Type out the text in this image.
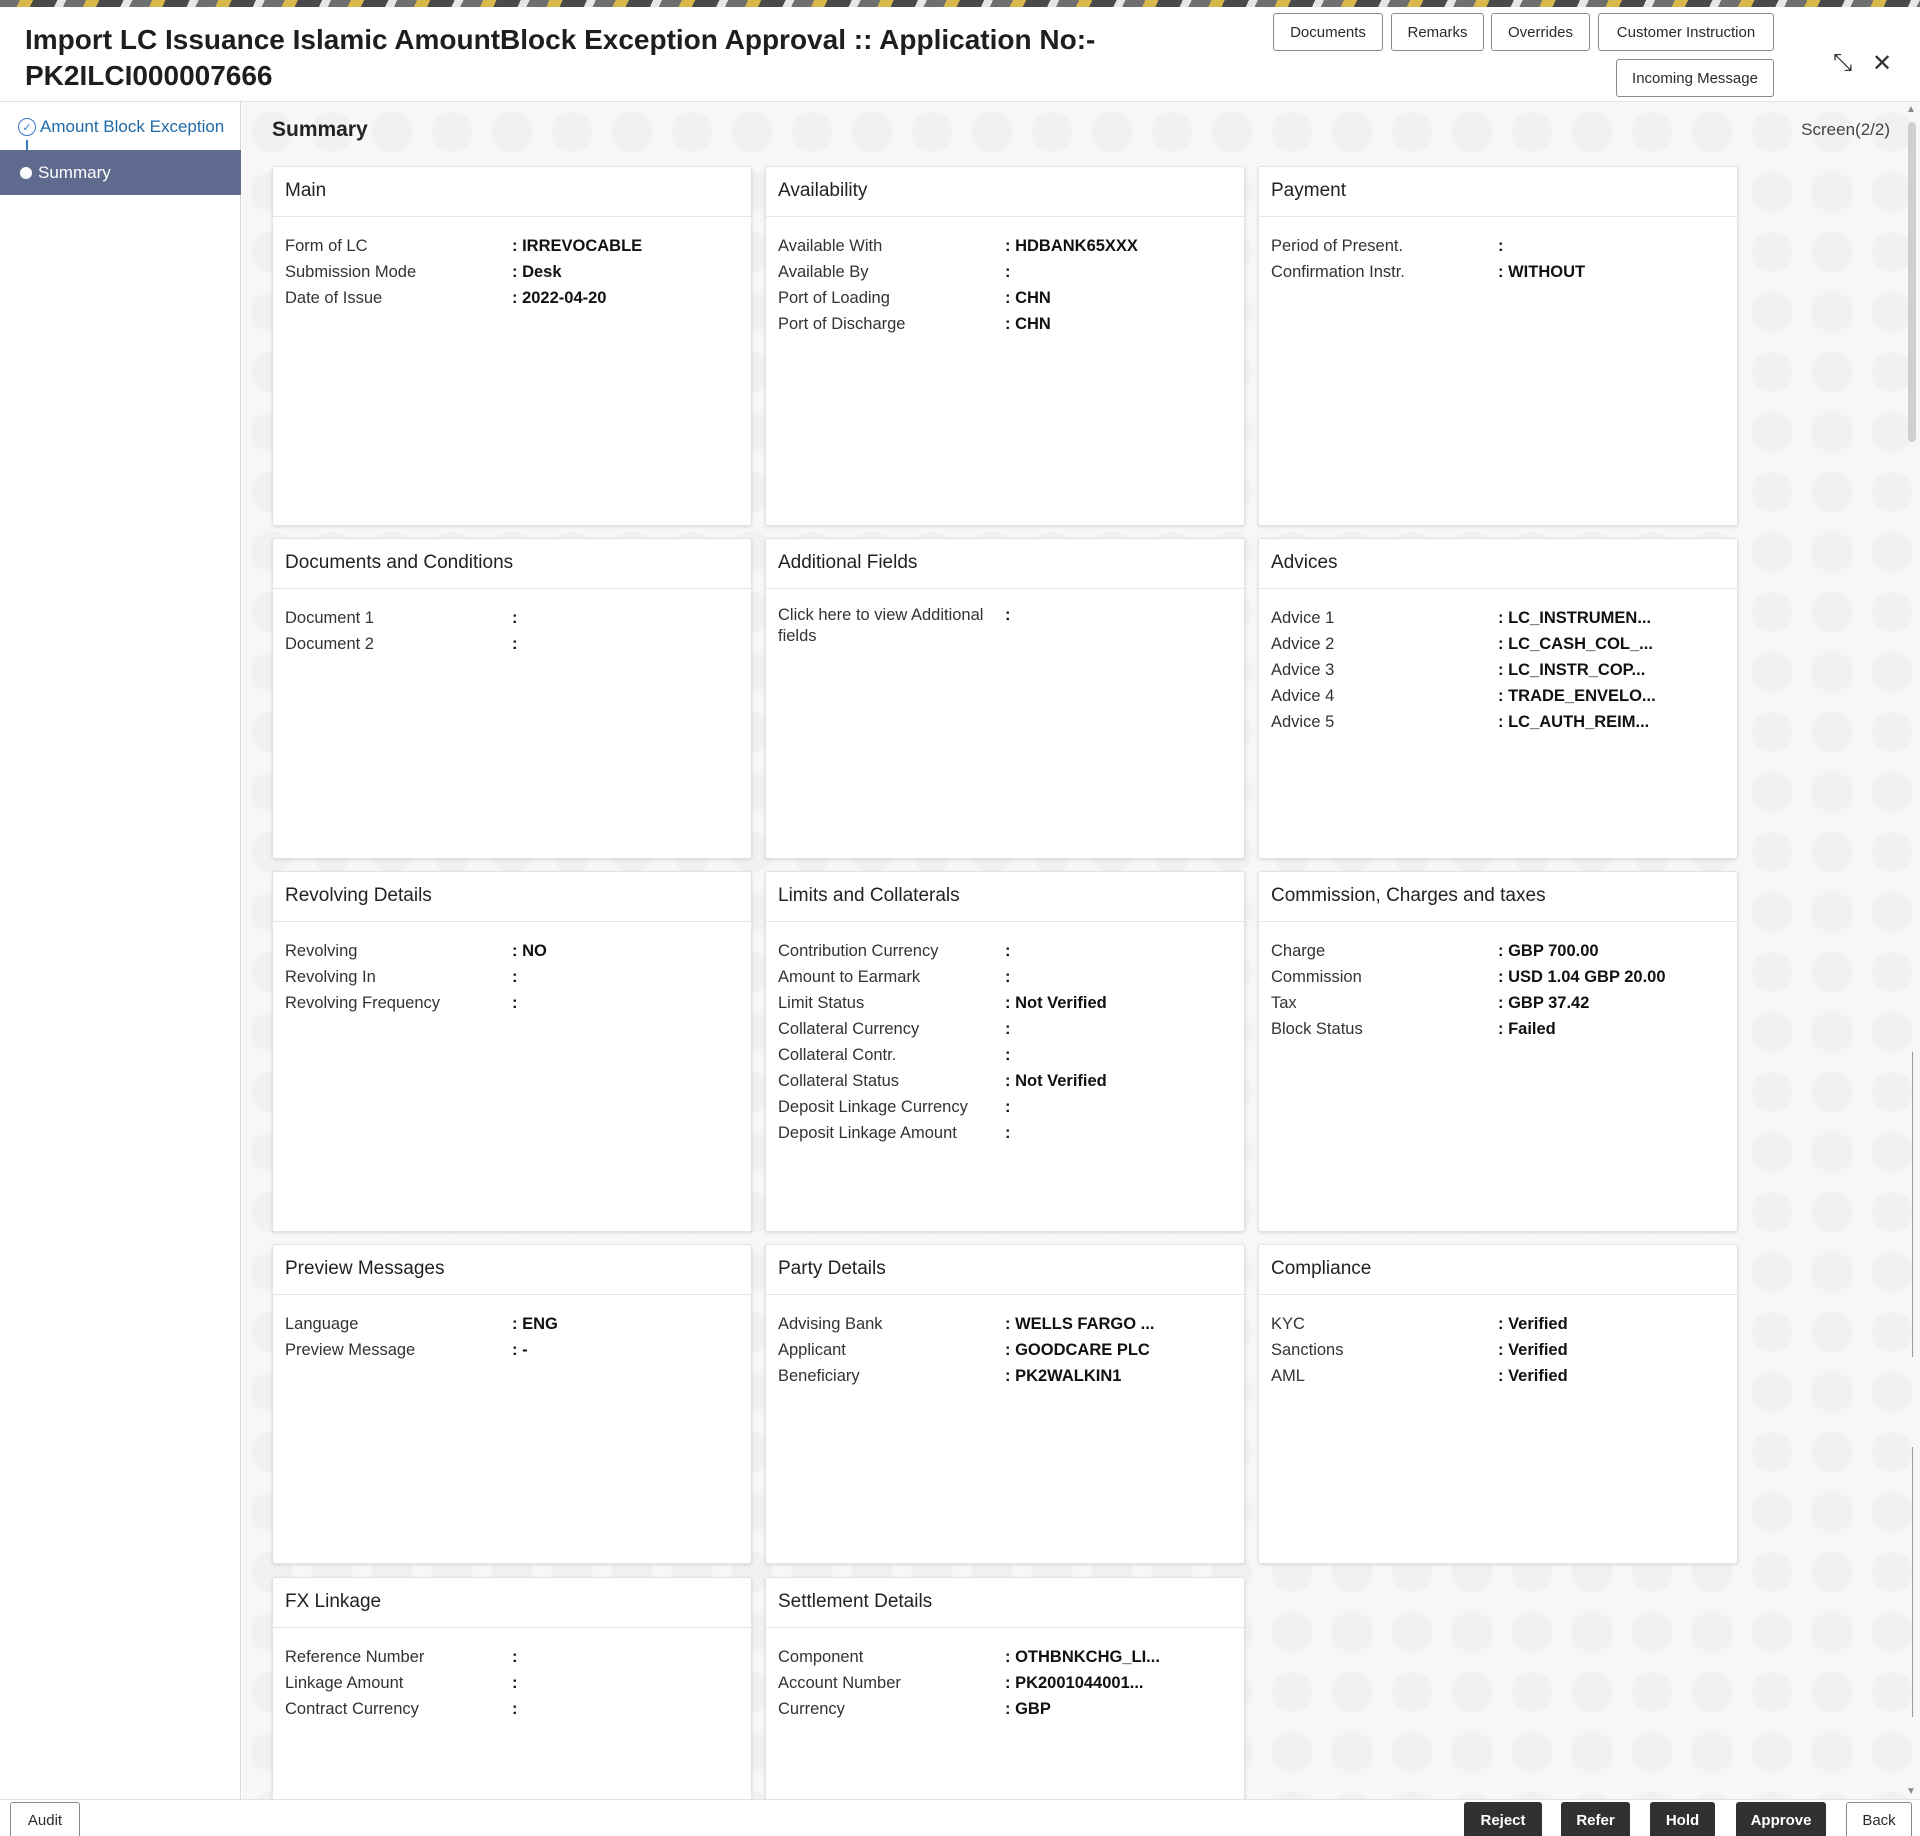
Import LC Issuance Islamic AmountBlock Exception Approval :: Application No:-
PK2ILCI000007666
Documents	Remarks	Overrides	Customer Instruction
Incoming Message
⤡ ✕
✓ Amount Block Exception
Summary
Summary	Screen(2/2)
Main
Form of LC	: IRREVOCABLE
Submission Mode	: Desk
Date of Issue	: 2022-04-20
Availability
Available With	: HDBANK65XXX
Available By	:
Port of Loading	: CHN
Port of Discharge	: CHN
Payment
Period of Present.	:
Confirmation Instr.	: WITHOUT
Documents and Conditions
Document 1	:
Document 2	:
Additional Fields
Click here to view Additional fields
:
Advices
Advice 1	: LC_INSTRUMEN...
Advice 2	: LC_CASH_COL_...
Advice 3	: LC_INSTR_COP...
Advice 4	: TRADE_ENVELO...
Advice 5	: LC_AUTH_REIM...
Revolving Details
Revolving	: NO
Revolving In	:
Revolving Frequency	:
Limits and Collaterals
Contribution Currency	:
Amount to Earmark	:
Limit Status	: Not Verified
Collateral Currency	:
Collateral Contr.	:
Collateral Status	: Not Verified
Deposit Linkage Currency	:
Deposit Linkage Amount	:
Commission, Charges and taxes
Charge	: GBP 700.00
Commission	: USD 1.04 GBP 20.00
Tax	: GBP 37.42
Block Status	: Failed
Preview Messages
Language	: ENG
Preview Message	: -
Party Details
Advising Bank	: WELLS FARGO ...
Applicant	: GOODCARE PLC
Beneficiary	: PK2WALKIN1
Compliance
KYC	: Verified
Sanctions	: Verified
AML	: Verified
FX Linkage
Reference Number	:
Linkage Amount	:
Contract Currency	:
Settlement Details
Component	: OTHBNKCHG_LI...
Account Number	: PK2001044001...
Currency	: GBP
▲
▼
Audit	Reject	Refer	Hold	Approve	Back
